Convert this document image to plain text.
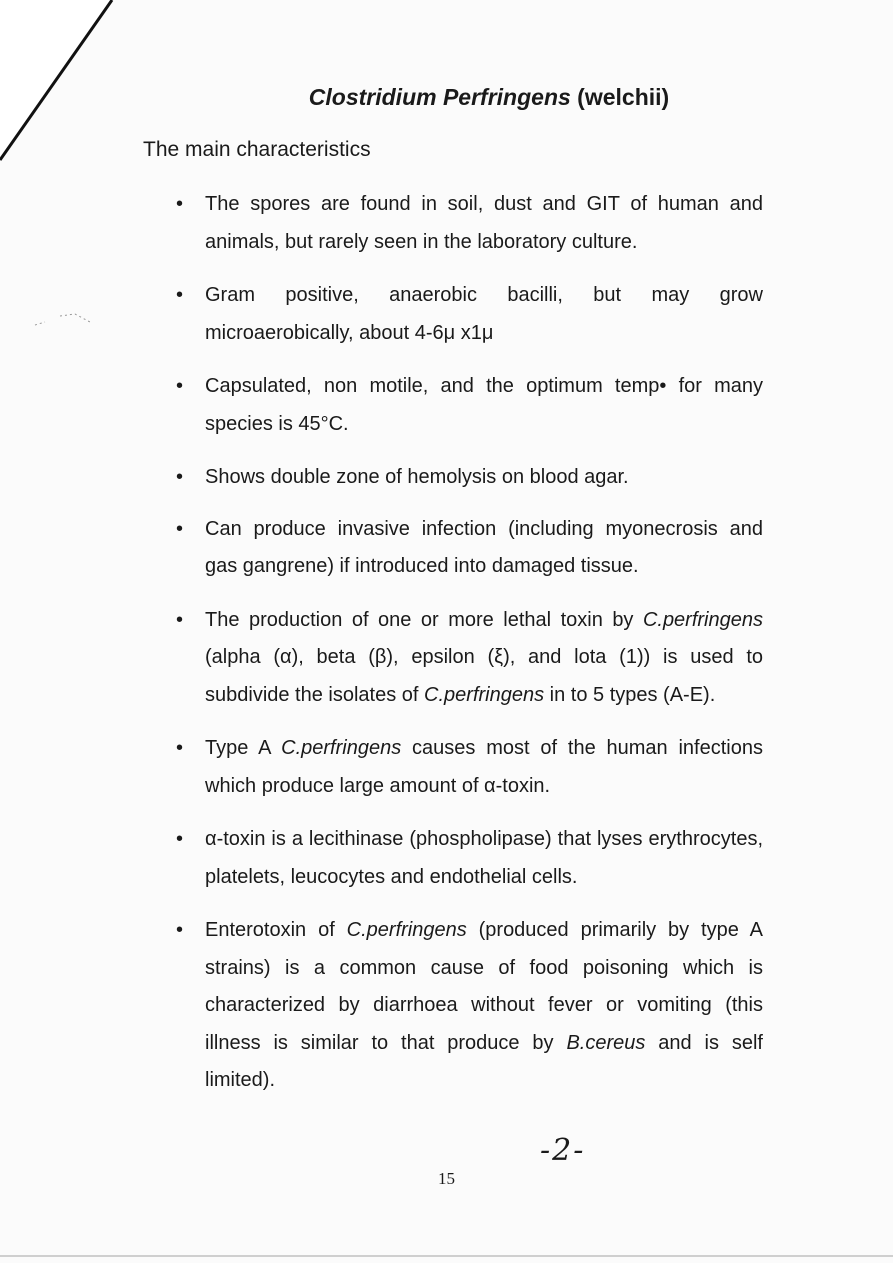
Clostridium Perfringens (welchii)
The main characteristics
• The spores are found in soil, dust and GIT of human and animals, but rarely seen in the laboratory culture.
• Gram positive, anaerobic bacilli, but may grow microaerobically, about 4-6μ x1μ
• Capsulated, non motile, and the optimum temp• for many species is 45°C.
• Shows double zone of hemolysis on blood agar.
• Can produce invasive infection (including myonecrosis and gas gangrene) if introduced into damaged tissue.
• The production of one or more lethal toxin by C.perfringens (alpha (α), beta (β), epsilon (ξ), and lota (1)) is used to subdivide the isolates of C.perfringens in to 5 types (A-E).
• Type A C.perfringens causes most of the human infections which produce large amount of α-toxin.
• α-toxin is a lecithinase (phospholipase) that lyses erythrocytes, platelets, leucocytes and endothelial cells.
• Enterotoxin of C.perfringens (produced primarily by type A strains) is a common cause of food poisoning which is characterized by diarrhoea without fever or vomiting (this illness is similar to that produce by B.cereus and is self limited).
-2-
15
